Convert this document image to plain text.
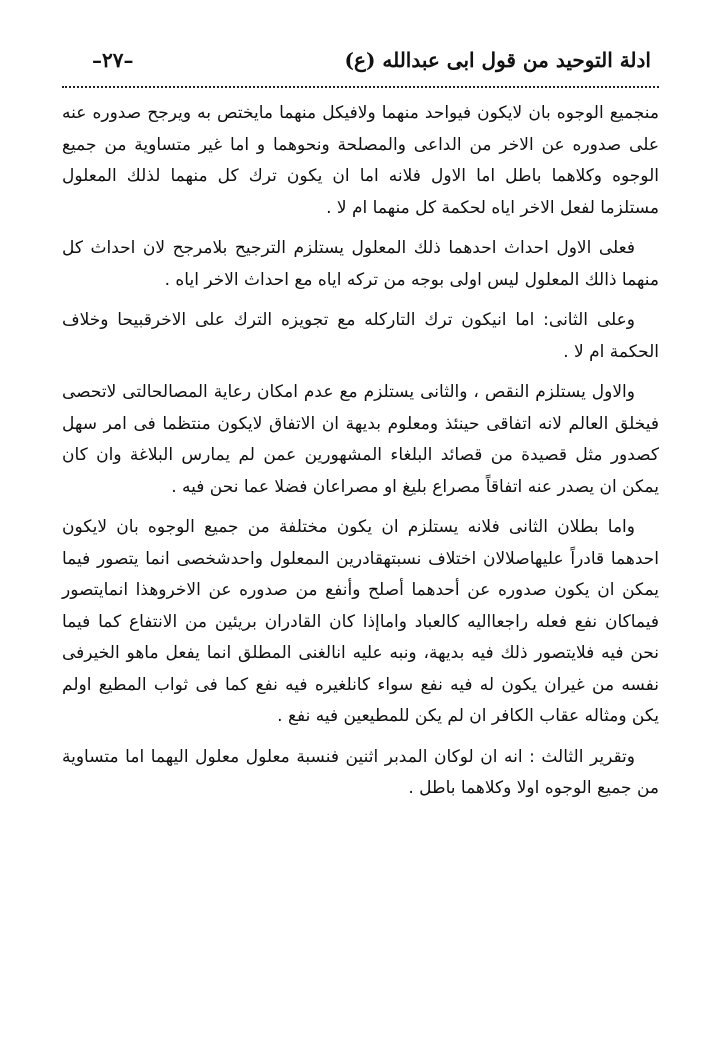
ادلة التوحيد من قول ابى عبدالله (ع)
–٢٧–

منجميع الوجوه بان لايكون فيواحد منهما ولافيكل منهما مايختص به ويرجح صدوره عنه على صدوره عن الاخر من الداعى والمصلحة ونحوهما و اما غير متساوية من جميع الوجوه وكلاهما باطل اما الاول فلانه اما ان يكون ترك كل منهما لذلك المعلول مستلزما لفعل الاخر اياه لحكمة كل منهما ام لا .

فعلى الاول احداث احدهما ذلك المعلول يستلزم الترجيح بلامرجح لان احداث كل منهما ذالك المعلول ليس اولى بوجه من تركه اياه مع احداث الاخر اياه .

وعلى الثانى: اما انيكون ترك التاركله مع تجويزه الترك على الاخرقبيحا وخلاف الحكمة ام لا .

والاول يستلزم النقص ، والثانى يستلزم مع عدم امكان رعاية المصالحالتى لاتحصى فيخلق العالم لانه اتفاقى حينئذ ومعلوم بديهة ان الاتفاق لايكون منتظما فى امر سهل كصدور مثل قصيدة من قصائد البلغاء المشهورين عمن لم يمارس البلاغة وان كان يمكن ان يصدر عنه اتفاقاً مصراع بليغ او مصراعان فضلا عما نحن فيه .

واما بطلان الثانى فلانه يستلزم ان يكون مختلفة من جميع الوجوه بان لايكون احدهما قادراً عليهاصلالان اختلاف نسبتهقادرين الىمعلول واحدشخصى انما يتصور فيما يمكن ان يكون صدوره عن أحدهما أصلح وأنفع من صدوره عن الاخروهذا انمايتصور فيماكان نفع فعله راجعااليه كالعباد واماإذا كان القادران بريئين من الانتفاع كما فيما نحن فيه فلايتصور ذلك فيه بديهة، ونبه عليه انالغنى المطلق انما يفعل ماهو الخيرفى نفسه من غيران يكون له فيه نفع سواء كانلغيره فيه نفع كما فى ثواب المطيع اولم يكن ومثاله عقاب الكافر ان لم يكن للمطيعين فيه نفع .

وتقرير الثالث : انه ان لوكان المدبر اثنين فنسبة معلول معلول اليهما اما متساوية من جميع الوجوه اولا وكلاهما باطل .
